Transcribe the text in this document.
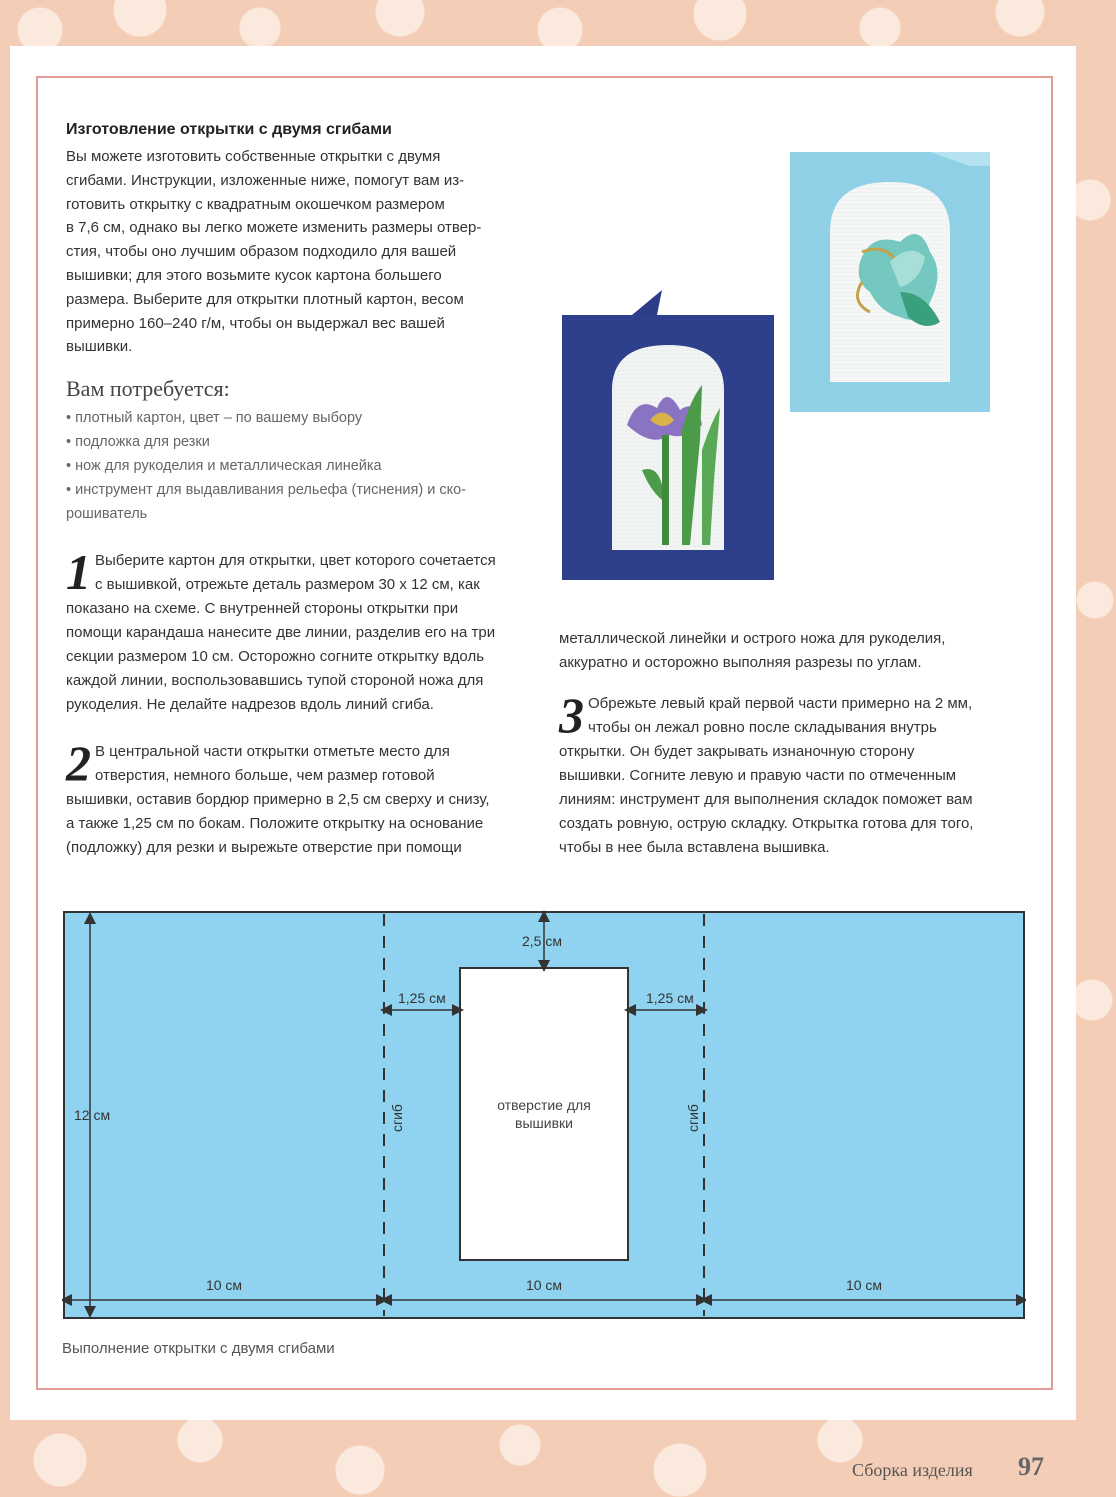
Изготовление открытки с двумя сгибами

Вы можете изготовить собственные открытки с двумя

сгибами. Инструкции, изложенные ниже, помогут вам из-

готовить открытку с квадратным окошечком размером

в 7,6 см, однако вы легко можете изменить размеры отвер-

стия, чтобы оно лучшим образом подходило для вашей

вышивки; для этого возьмите кусок картона большего

размера. Выберите для открытки плотный картон, весом

примерно 160–240 г/м, чтобы он выдержал вес вашей

вышивки.

Вам потребуется:
• плотный картон, цвет – по вашему выбору
• подложка для резки
• нож для рукоделия и металлическая линейка
• инструмент для выдавливания рельефа (тиснения) и ско-
рошиватель
1 Выберите картон для открытки, цвет которого сочетается

с вышивкой, отрежьте деталь размером 30 х 12 см, как

показано на схеме. С внутренней стороны открытки при

помощи карандаша нанесите две линии, разделив его на три

секции размером 10 см. Осторожно согните открытку вдоль

каждой линии, воспользовавшись тупой стороной ножа для

рукоделия. Не делайте надрезов вдоль линий сгиба.

2 В центральной части открытки отметьте место для

отверстия, немного больше, чем размер готовой

вышивки, оставив бордюр примерно в 2,5 см сверху и снизу,

а также 1,25 см по бокам. Положите открытку на основание

(подложку) для резки и вырежьте отверстие при помощи

металлической линейки и острого ножа для рукоделия,

аккуратно и осторожно выполняя разрезы по углам.

3 Обрежьте левый край первой части примерно на 2 мм,

чтобы он лежал ровно после складывания внутрь

открытки. Он будет закрывать изнаночную сторону

вышивки. Согните левую и правую части по отмеченным

линиям: инструмент для выполнения складок поможет вам

создать ровную, острую складку. Открытка готова для того,

чтобы в нее была вставлена вышивка.

12 см
2,5 см
1,25 см	1,25 см
сгиб	сгиб
отверстие для
вышивки
10 см	10 см	10 см
Выполнение открытки с двумя сгибами
Сборка изделия 97
